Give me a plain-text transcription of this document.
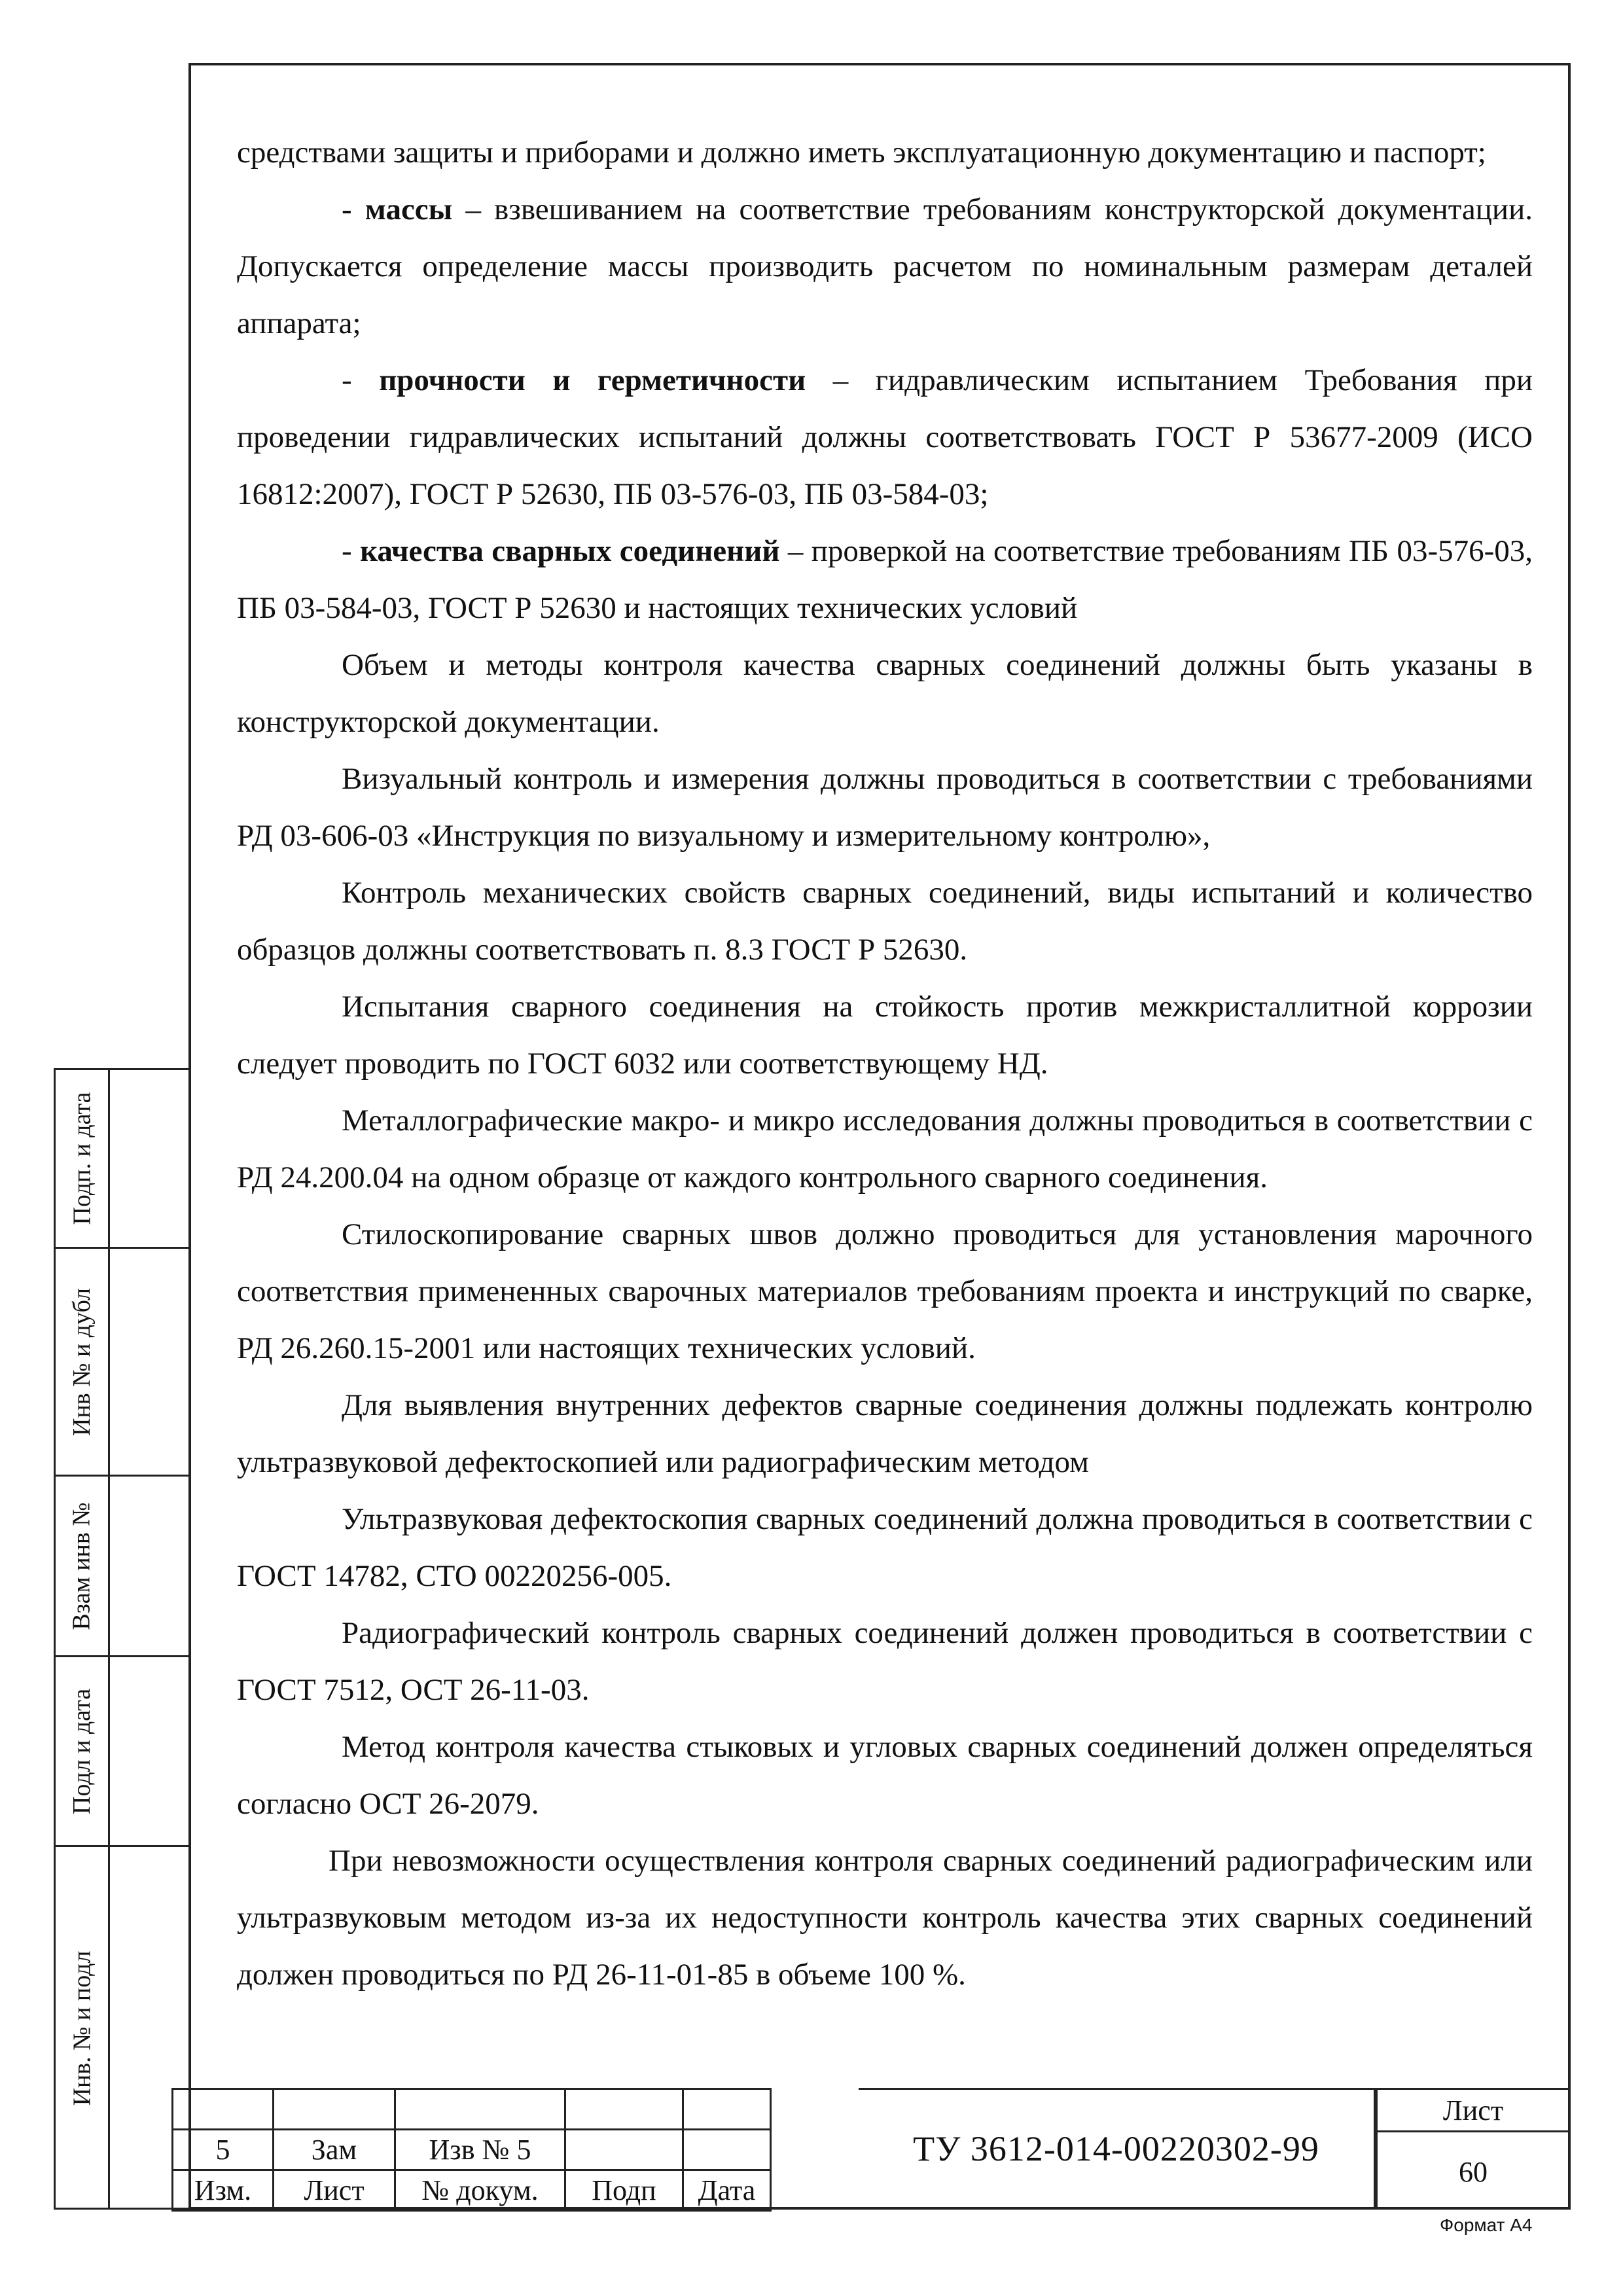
Подп. и дата
Инв № и дубл
Взам инв №
Подл и дата
Инв. № и подл

средствами защиты и приборами и должно иметь эксплуатационную документацию и паспорт;

- массы – взвешиванием на соответствие требованиям конструкторской документации. Допускается определение массы производить расчетом по номинальным размерам деталей аппарата;

- прочности и герметичности – гидравлическим испытанием Требования при проведении гидравлических испытаний должны соответствовать ГОСТ Р 53677-2009 (ИСО 16812:2007), ГОСТ Р 52630, ПБ 03-576-03, ПБ 03-584-03;

- качества сварных соединений – проверкой на соответствие требованиям ПБ 03-576-03, ПБ 03-584-03, ГОСТ Р 52630 и настоящих технических условий

Объем и методы контроля качества сварных соединений должны быть указаны в конструкторской документации.

Визуальный контроль и измерения должны проводиться в соответствии с требованиями РД 03-606-03 «Инструкция по визуальному и измерительному контролю»,

Контроль механических свойств сварных соединений, виды испытаний и количество образцов должны соответствовать п. 8.3 ГОСТ Р 52630.

Испытания сварного соединения на стойкость против межкристаллитной коррозии следует проводить по ГОСТ 6032 или соответствующему НД.

Металлографические макро- и микро исследования должны проводиться в соответствии с РД 24.200.04 на одном образце от каждого контрольного сварного соединения.

Стилоскопирование сварных швов должно проводиться для установления марочного соответствия примененных сварочных материалов требованиям проекта и инструкций по сварке, РД 26.260.15-2001 или настоящих технических условий.

Для выявления внутренних дефектов сварные соединения должны подлежать контролю ультразвуковой дефектоскопией или радиографическим методом

Ультразвуковая дефектоскопия сварных соединений должна проводиться в соответствии с ГОСТ 14782, СТО 00220256-005.

Радиографический контроль сварных соединений должен проводиться в соответствии с ГОСТ 7512, ОСТ 26-11-03.

Метод контроля качества стыковых и угловых сварных соединений должен определяться согласно ОСТ 26-2079.

При невозможности осуществления контроля сварных соединений радиографическим или ультразвуковым методом из-за их недоступности контроль качества этих сварных соединений должен проводиться по РД 26-11-01-85 в объеме 100 %.

5	Зам	Изв № 5		
Изм.	Лист	№ докум.	Подп	Дата
ТУ 3612-014-00220302-99
Лист
60
Формат А4
